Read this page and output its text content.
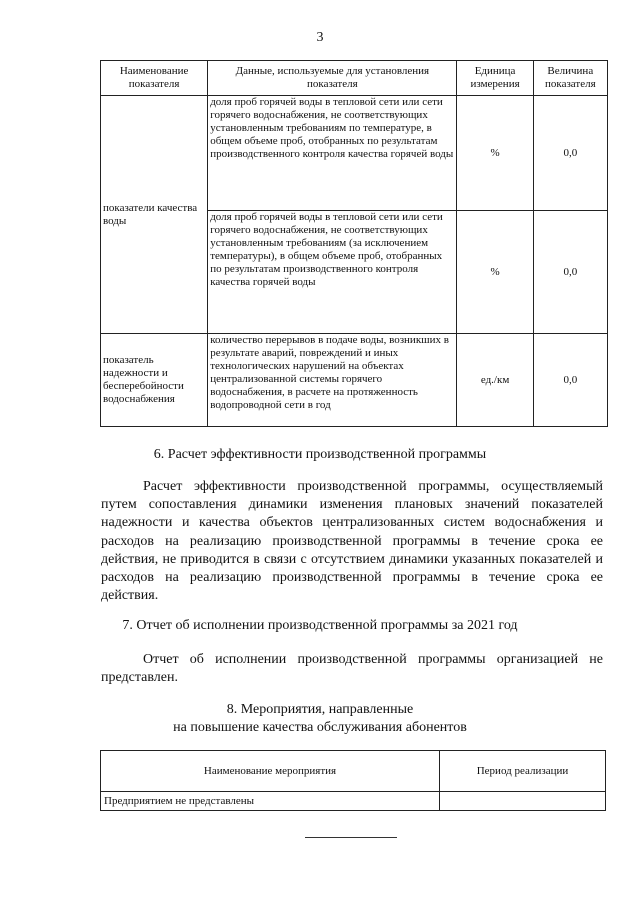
3
Наименование показателя	Данные, используемые для установления показателя	Единица измерения	Величина показателя
показатели качества воды	доля проб горячей воды в тепловой сети или сети горячего водоснабжения, не соответствующих установленным требованиям по температуре, в общем объеме проб, отобранных по результатам производственного контроля качества горячей воды	%	0,0
	доля проб горячей воды в тепловой сети или сети горячего водоснабжения, не соответствующих установленным требованиям (за исключением температуры), в общем объеме проб, отобранных по результатам производственного контроля качества горячей воды	%	0,0
показатель надежности и бесперебойности водоснабжения	количество перерывов в подаче воды, возникших в результате аварий, повреждений и иных технологических нарушений на объектах централизованной системы горячего водоснабжения, в расчете на протяженность водопроводной сети в год	ед./км	0,0
6. Расчет эффективности производственной программы
Расчет эффективности производственной программы, осуществляемый путем сопоставления динамики изменения плановых значений показателей надежности и качества объектов централизованных систем водоснабжения и расходов на реализацию производственной программы в течение срока ее действия, не приводится в связи с отсутствием динамики указанных показателей и расходов на реализацию производственной программы в течение срока ее действия.
7. Отчет об исполнении производственной программы за 2021 год
Отчет об исполнении производственной программы организацией не представлен.
8. Мероприятия, направленные
на повышение качества обслуживания абонентов
Наименование мероприятия	Период реализации
Предприятием не представлены	
